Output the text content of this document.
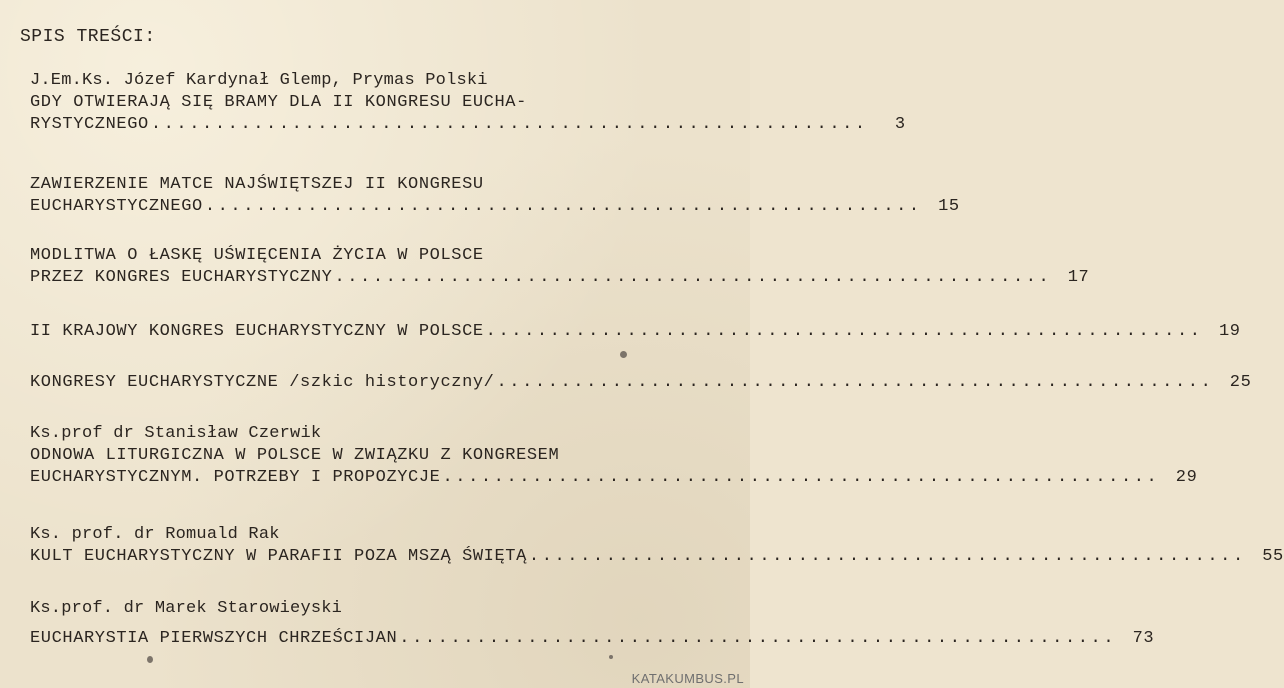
SPIS TREŚCI:
J.Em.Ks. Józef Kardynał Glemp, Prymas Polski
GDY OTWIERAJĄ SIĘ BRAMY DLA II KONGRESU EUCHA-
RYSTYCZNEGO ........................................................	3
ZAWIERZENIE MATCE NAJŚWIĘTSZEJ II KONGRESU
EUCHARYSTYCZNEGO ........................................................ 15
MODLITWA O ŁASKĘ UŚWIĘCENIA ŻYCIA W POLSCE
PRZEZ KONGRES EUCHARYSTYCZNY ........................................................ 17
II KRAJOWY KONGRES EUCHARYSTYCZNY W POLSCE ........................................................ 19
KONGRESY EUCHARYSTYCZNE /szkic historyczny/ ........................................................ 25
Ks.prof dr Stanisław Czerwik
ODNOWA LITURGICZNA W POLSCE W ZWIĄZKU Z KONGRESEM
EUCHARYSTYCZNYM. POTRZEBY I PROPOZYCJE ........................................................ 29
Ks. prof. dr Romuald Rak
KULT EUCHARYSTYCZNY W PARAFII POZA MSZĄ ŚWIĘTĄ ........................................................ 55
Ks.prof. dr Marek Starowieyski
EUCHARYSTIA PIERWSZYCH CHRZEŚCIJAN ........................................................ 73
KATAKUMBUS.PL
